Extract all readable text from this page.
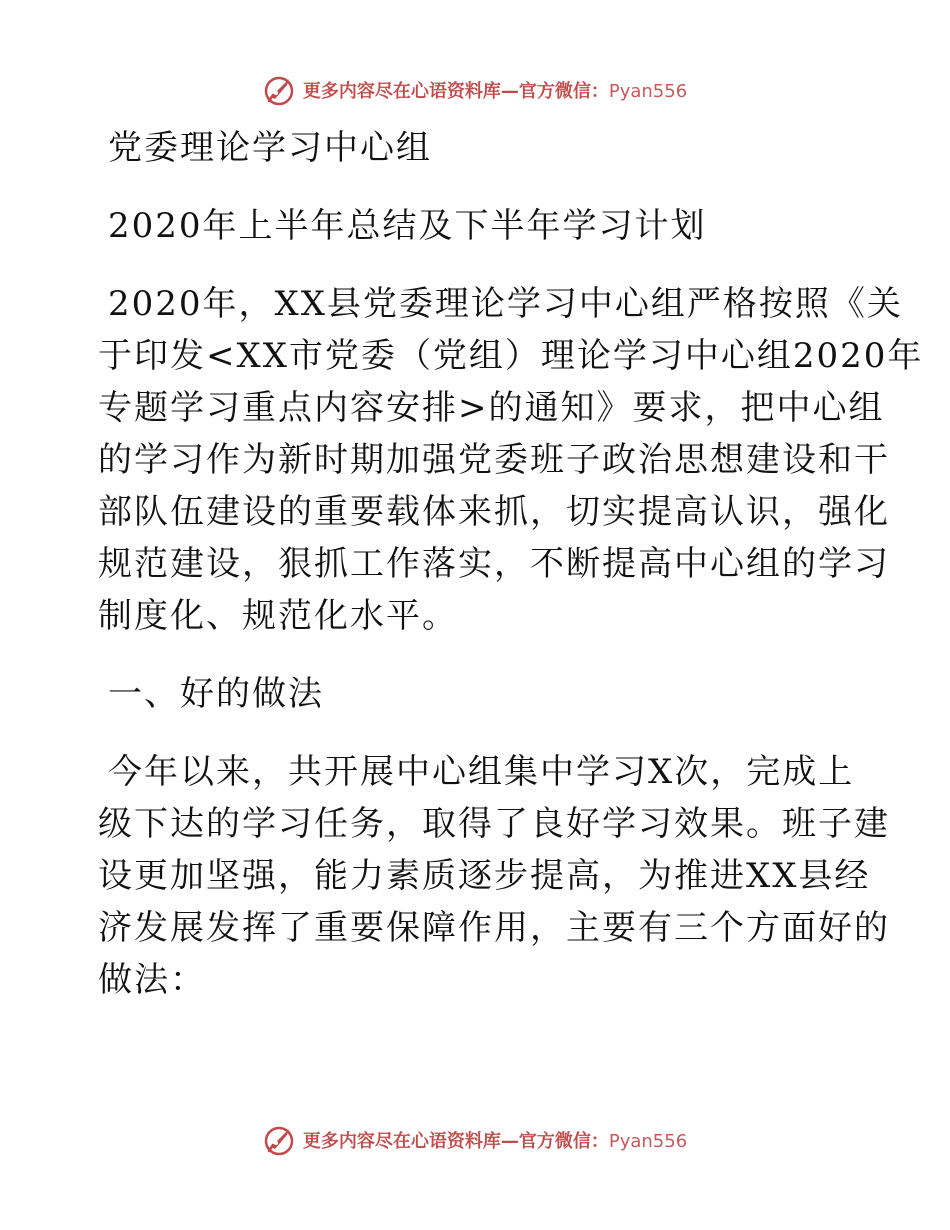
更多内容尽在心语资料库—官方微信：Pyan556

党委理论学习中心组

2020年上半年总结及下半年学习计划

2020年，XX县党委理论学习中心组严格按照《关

于印发<XX市党委（党组）理论学习中心组2020年

专题学习重点内容安排>的通知》要求，把中心组

的学习作为新时期加强党委班子政治思想建设和干

部队伍建设的重要载体来抓，切实提高认识，强化

规范建设，狠抓工作落实，不断提高中心组的学习

制度化、规范化水平。

一、好的做法

今年以来，共开展中心组集中学习X次，完成上

级下达的学习任务，取得了良好学习效果。班子建

设更加坚强，能力素质逐步提高，为推进XX县经

济发展发挥了重要保障作用，主要有三个方面好的

做法：

更多内容尽在心语资料库—官方微信：Pyan556
